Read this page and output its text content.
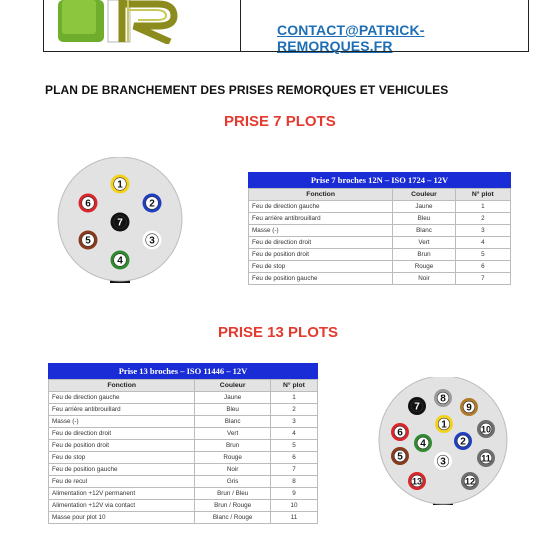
CONTACT@PATRICK-REMORQUES.FR
PLAN DE BRANCHEMENT DES PRISES REMORQUES ET VEHICULES
PRISE 7 PLOTS
1
2
3
4
5
6
7
Prise 7 broches 12N – ISO 1724 – 12V
Fonction	Couleur	N° plot
Feu de direction gauche	Jaune	1
Feu arrière antibrouillard	Bleu	2
Masse (-)	Blanc	3
Feu de direction droit	Vert	4
Feu de position droit	Brun	5
Feu de stop	Rouge	6
Feu de position gauche	Noir	7
PRISE 13 PLOTS
Prise 13 broches – ISO 11446 – 12V
Fonction	Couleur	N° plot
Feu de direction gauche	Jaune	1
Feu arrière antibrouillard	Bleu	2
Masse (-)	Blanc	3
Feu de direction droit	Vert	4
Feu de position droit	Brun	5
Feu de stop	Rouge	6
Feu de position gauche	Noir	7
Feu de recul	Gris	8
Alimentation +12V permanent	Brun / Bleu	9
Alimentation +12V via contact	Brun / Rouge	10
Masse pour plot 10	Blanc / Rouge	11
1
2
3
4
5
6
7
8
9
10
11
12
13
